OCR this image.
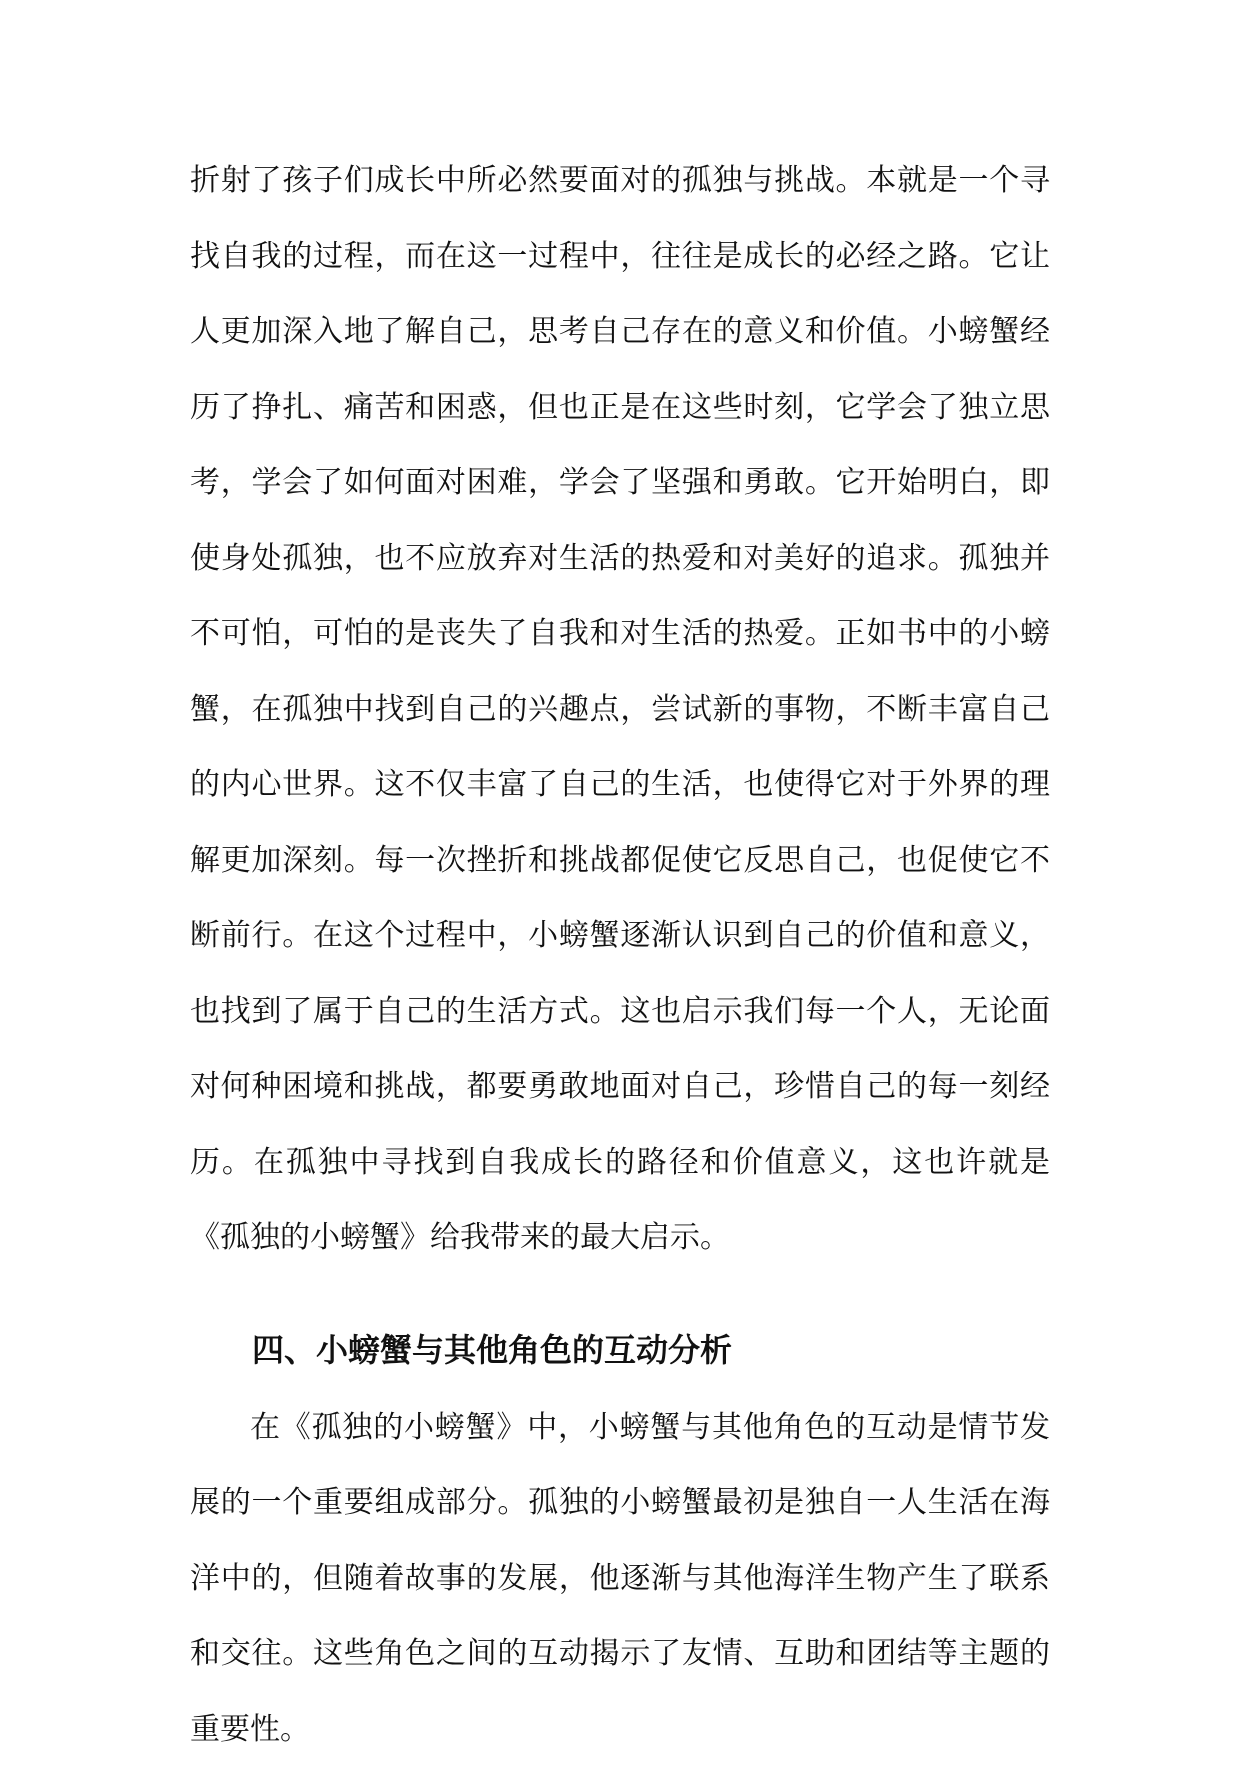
折射了孩子们成长中所必然要面对的孤独与挑战。本就是一个寻找自我的过程，而在这一过程中，往往是成长的必经之路。它让人更加深入地了解自己，思考自己存在的意义和价值。小螃蟹经历了挣扎、痛苦和困惑，但也正是在这些时刻，它学会了独立思考，学会了如何面对困难，学会了坚强和勇敢。它开始明白，即使身处孤独，也不应放弃对生活的热爱和对美好的追求。孤独并不可怕，可怕的是丧失了自我和对生活的热爱。正如书中的小螃蟹，在孤独中找到自己的兴趣点，尝试新的事物，不断丰富自己的内心世界。这不仅丰富了自己的生活，也使得它对于外界的理解更加深刻。每一次挫折和挑战都促使它反思自己，也促使它不断前行。在这个过程中，小螃蟹逐渐认识到自己的价值和意义，也找到了属于自己的生活方式。这也启示我们每一个人，无论面对何种困境和挑战，都要勇敢地面对自己，珍惜自己的每一刻经历。在孤独中寻找到自我成长的路径和价值意义，这也许就是《孤独的小螃蟹》给我带来的最大启示。

四、小螃蟹与其他角色的互动分析

在《孤独的小螃蟹》中，小螃蟹与其他角色的互动是情节发展的一个重要组成部分。孤独的小螃蟹最初是独自一人生活在海洋中的，但随着故事的发展，他逐渐与其他海洋生物产生了联系和交往。这些角色之间的互动揭示了友情、互助和团结等主题的重要性。
